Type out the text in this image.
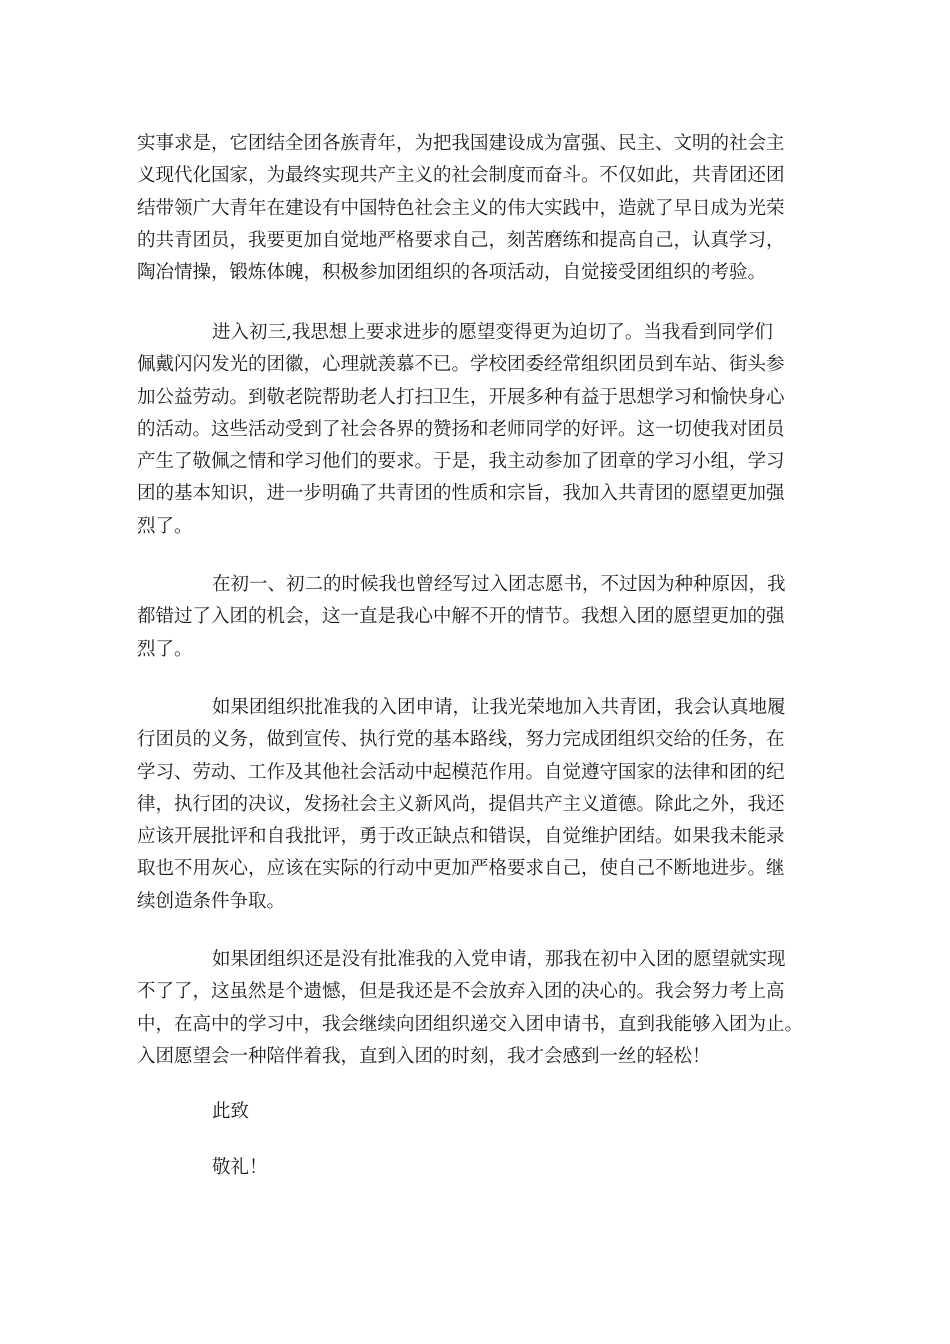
实事求是，它团结全团各族青年，为把我国建设成为富强、民主、文明的社会主
义现代化国家，为最终实现共产主义的社会制度而奋斗。不仅如此，共青团还团
结带领广大青年在建设有中国特色社会主义的伟大实践中，造就了早日成为光荣
的共青团员，我要更加自觉地严格要求自己，刻苦磨练和提高自己，认真学习，
陶冶情操，锻炼体魄，积极参加团组织的各项活动，自觉接受团组织的考验。
进入初三,我思想上要求进步的愿望变得更为迫切了。当我看到同学们
佩戴闪闪发光的团徽，心理就羡慕不已。学校团委经常组织团员到车站、街头参
加公益劳动。到敬老院帮助老人打扫卫生，开展多种有益于思想学习和愉快身心
的活动。这些活动受到了社会各界的赞扬和老师同学的好评。这一切使我对团员
产生了敬佩之情和学习他们的要求。于是，我主动参加了团章的学习小组，学习
团的基本知识，进一步明确了共青团的性质和宗旨，我加入共青团的愿望更加强
烈了。
在初一、初二的时候我也曾经写过入团志愿书，不过因为种种原因，我
都错过了入团的机会，这一直是我心中解不开的情节。我想入团的愿望更加的强
烈了。
如果团组织批准我的入团申请，让我光荣地加入共青团，我会认真地履
行团员的义务，做到宣传、执行党的基本路线，努力完成团组织交给的任务，在
学习、劳动、工作及其他社会活动中起模范作用。自觉遵守国家的法律和团的纪
律，执行团的决议，发扬社会主义新风尚，提倡共产主义道德。除此之外，我还
应该开展批评和自我批评，勇于改正缺点和错误，自觉维护团结。如果我未能录
取也不用灰心，应该在实际的行动中更加严格要求自己，使自己不断地进步。继
续创造条件争取。
如果团组织还是没有批准我的入党申请，那我在初中入团的愿望就实现
不了了，这虽然是个遗憾，但是我还是不会放弃入团的决心的。我会努力考上高
中，在高中的学习中，我会继续向团组织递交入团申请书，直到我能够入团为止。
入团愿望会一种陪伴着我，直到入团的时刻，我才会感到一丝的轻松！
此致
敬礼！
